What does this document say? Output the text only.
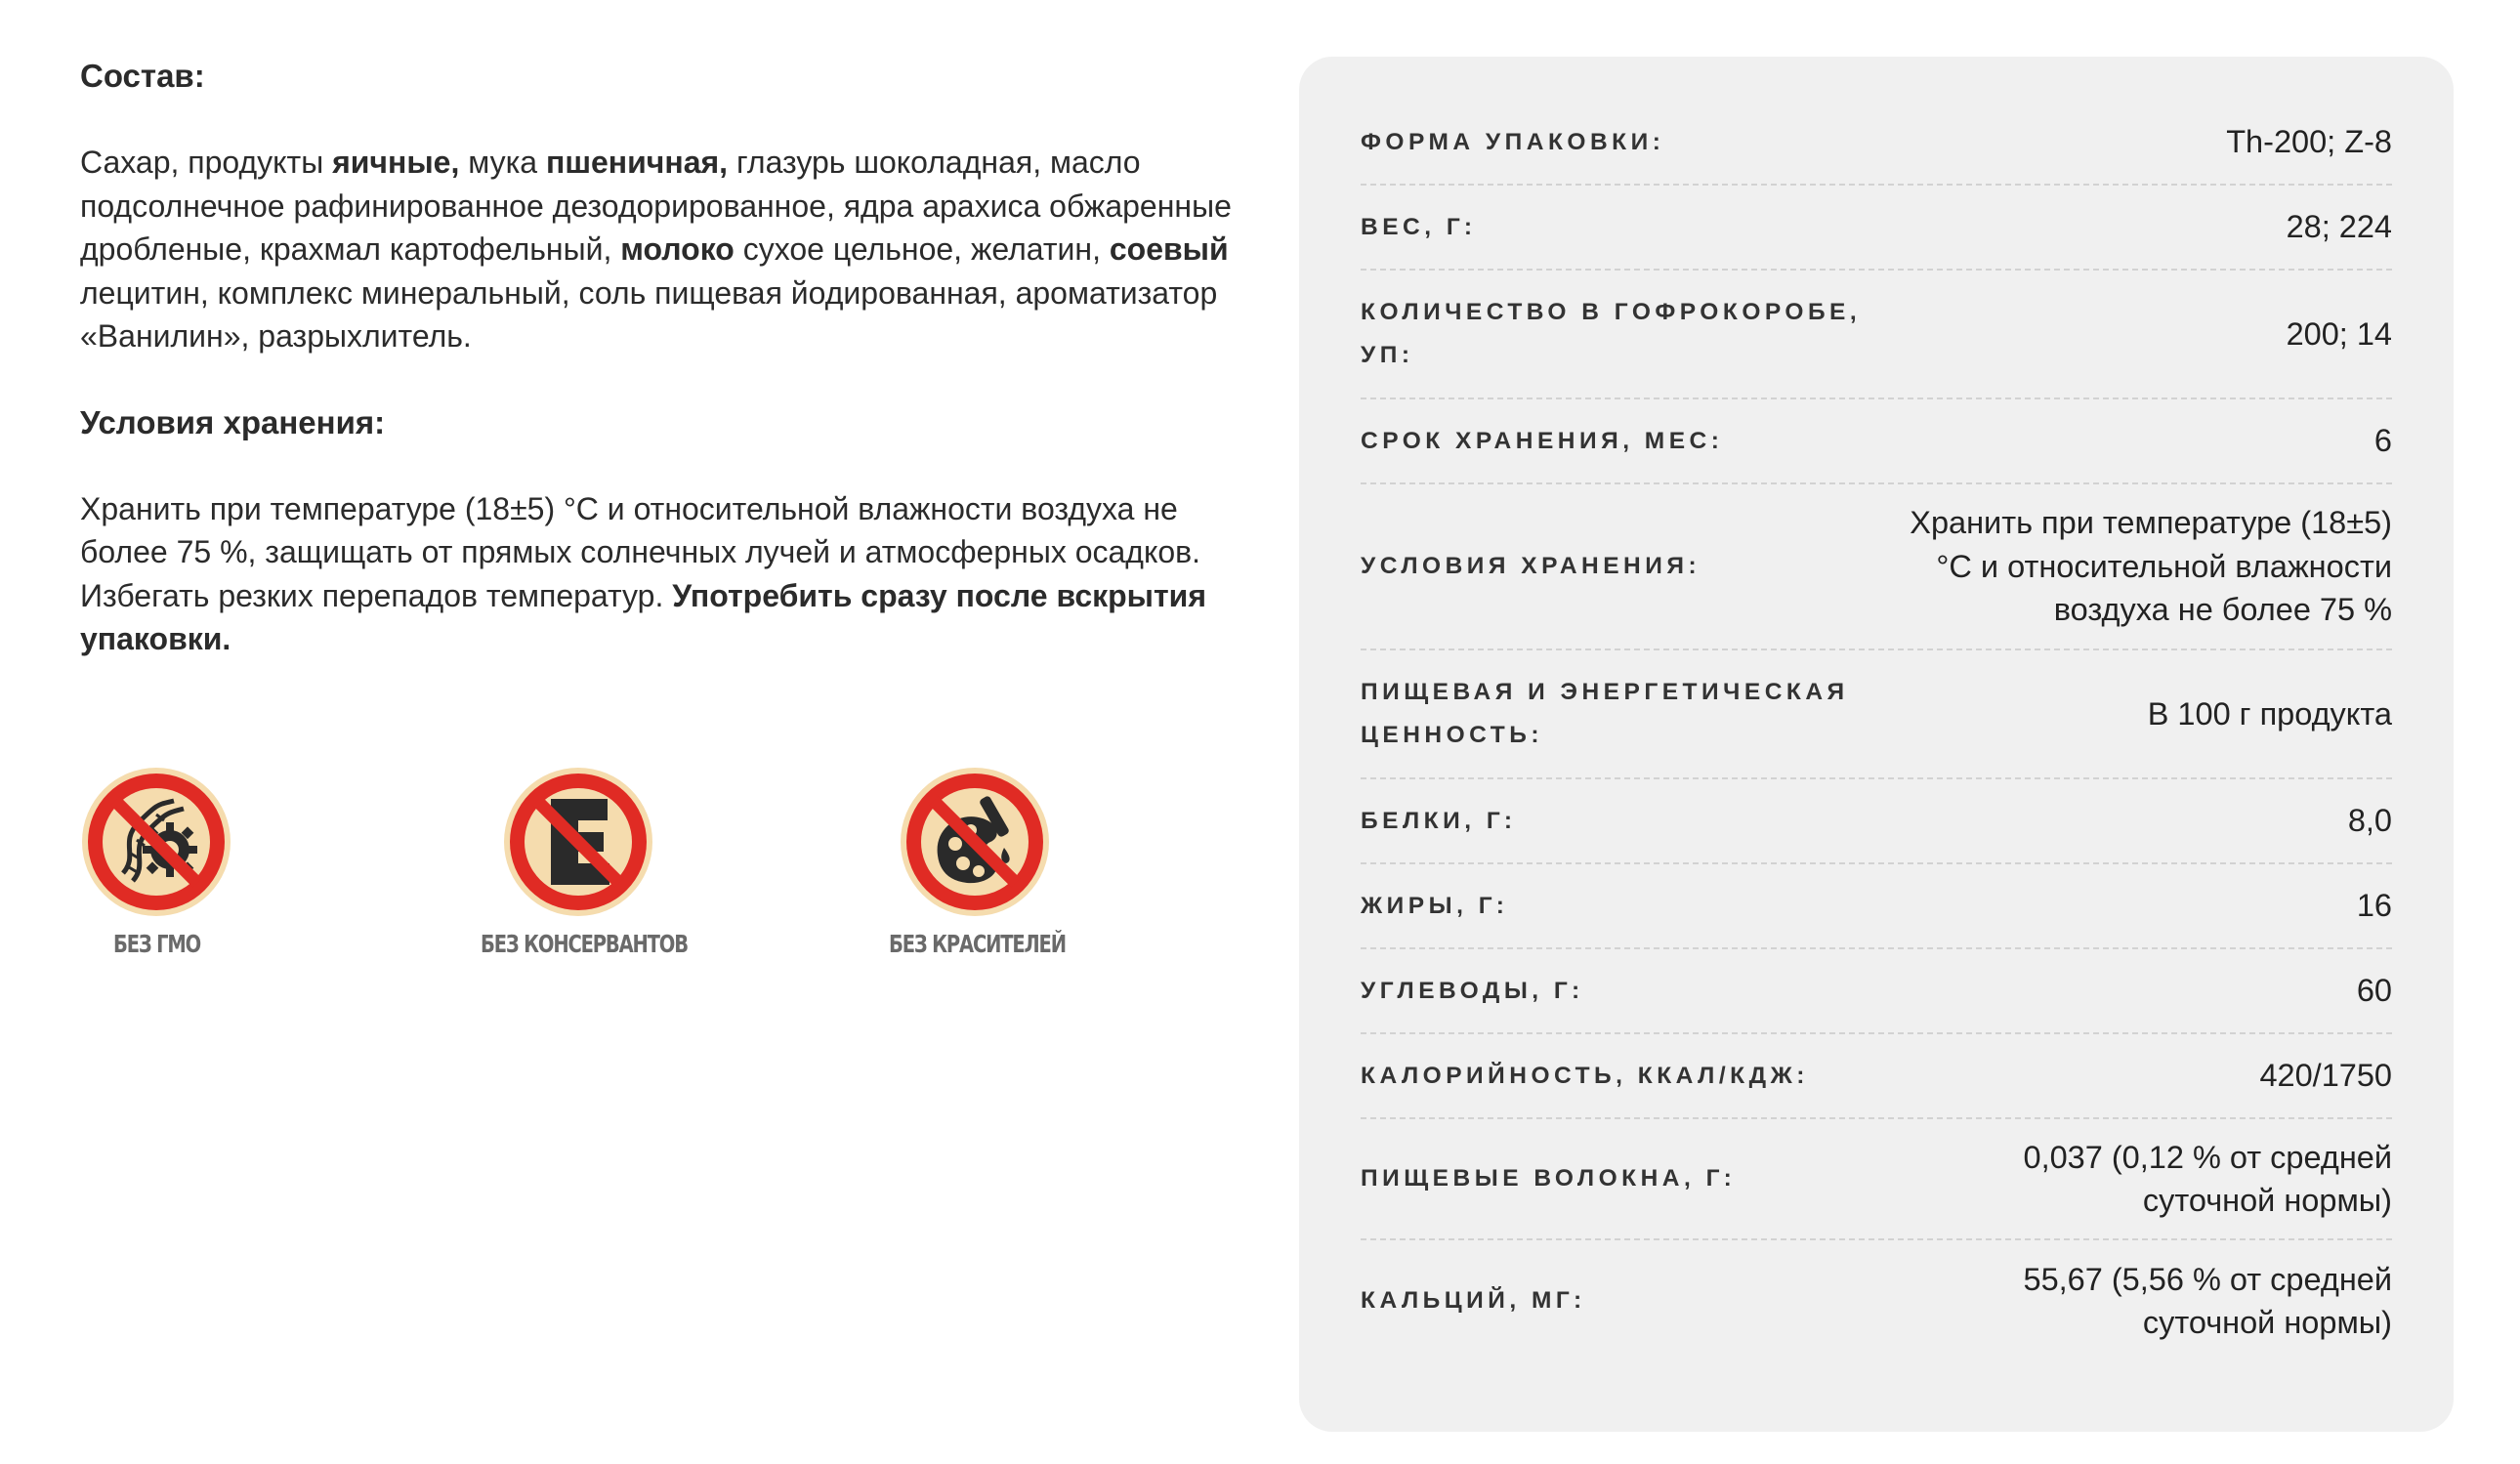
Состав:

Сахар, продукты яичные, мука пшеничная, глазурь шоколадная, масло подсолнечное рафинированное дезодорированное, ядра арахиса обжаренные дробленые, крахмал картофельный, молоко сухое цельное, желатин, соевый лецитин, комплекс минеральный, соль пищевая йодированная, ароматизатор «Ванилин», разрыхлитель.

Условия хранения:

Хранить при температуре (18±5) °C и относительной влажности воздуха не более 75 %, защищать от прямых солнечных лучей и атмосферных осадков. Избегать резких перепадов температур. Употребить сразу после вскрытия упаковки.

БЕЗ ГМО	БЕЗ КОНСЕРВАНТОВ	БЕЗ КРАСИТЕЛЕЙ
ФОРМА УПАКОВКИ:	Th-200; Z-8
ВЕС, Г:	28; 224
КОЛИЧЕСТВО В ГОФРОКОРОБЕ, УП:
200; 14
СРОК ХРАНЕНИЯ, МЕС:	6
УСЛОВИЯ ХРАНЕНИЯ:
Хранить при температуре (18±5) °С и относительной влажности воздуха не более 75 %
ПИЩЕВАЯ И ЭНЕРГЕТИЧЕСКАЯ ЦЕННОСТЬ:
В 100 г продукта
БЕЛКИ, Г:	8,0
ЖИРЫ, Г:	16
УГЛЕВОДЫ, Г:	60
КАЛОРИЙНОСТЬ, ККАЛ/КДЖ:	420/1750
ПИЩЕВЫЕ ВОЛОКНА, Г:
0,037 (0,12 % от средней суточной нормы)
КАЛЬЦИЙ, МГ:
55,67 (5,56 % от средней суточной нормы)
